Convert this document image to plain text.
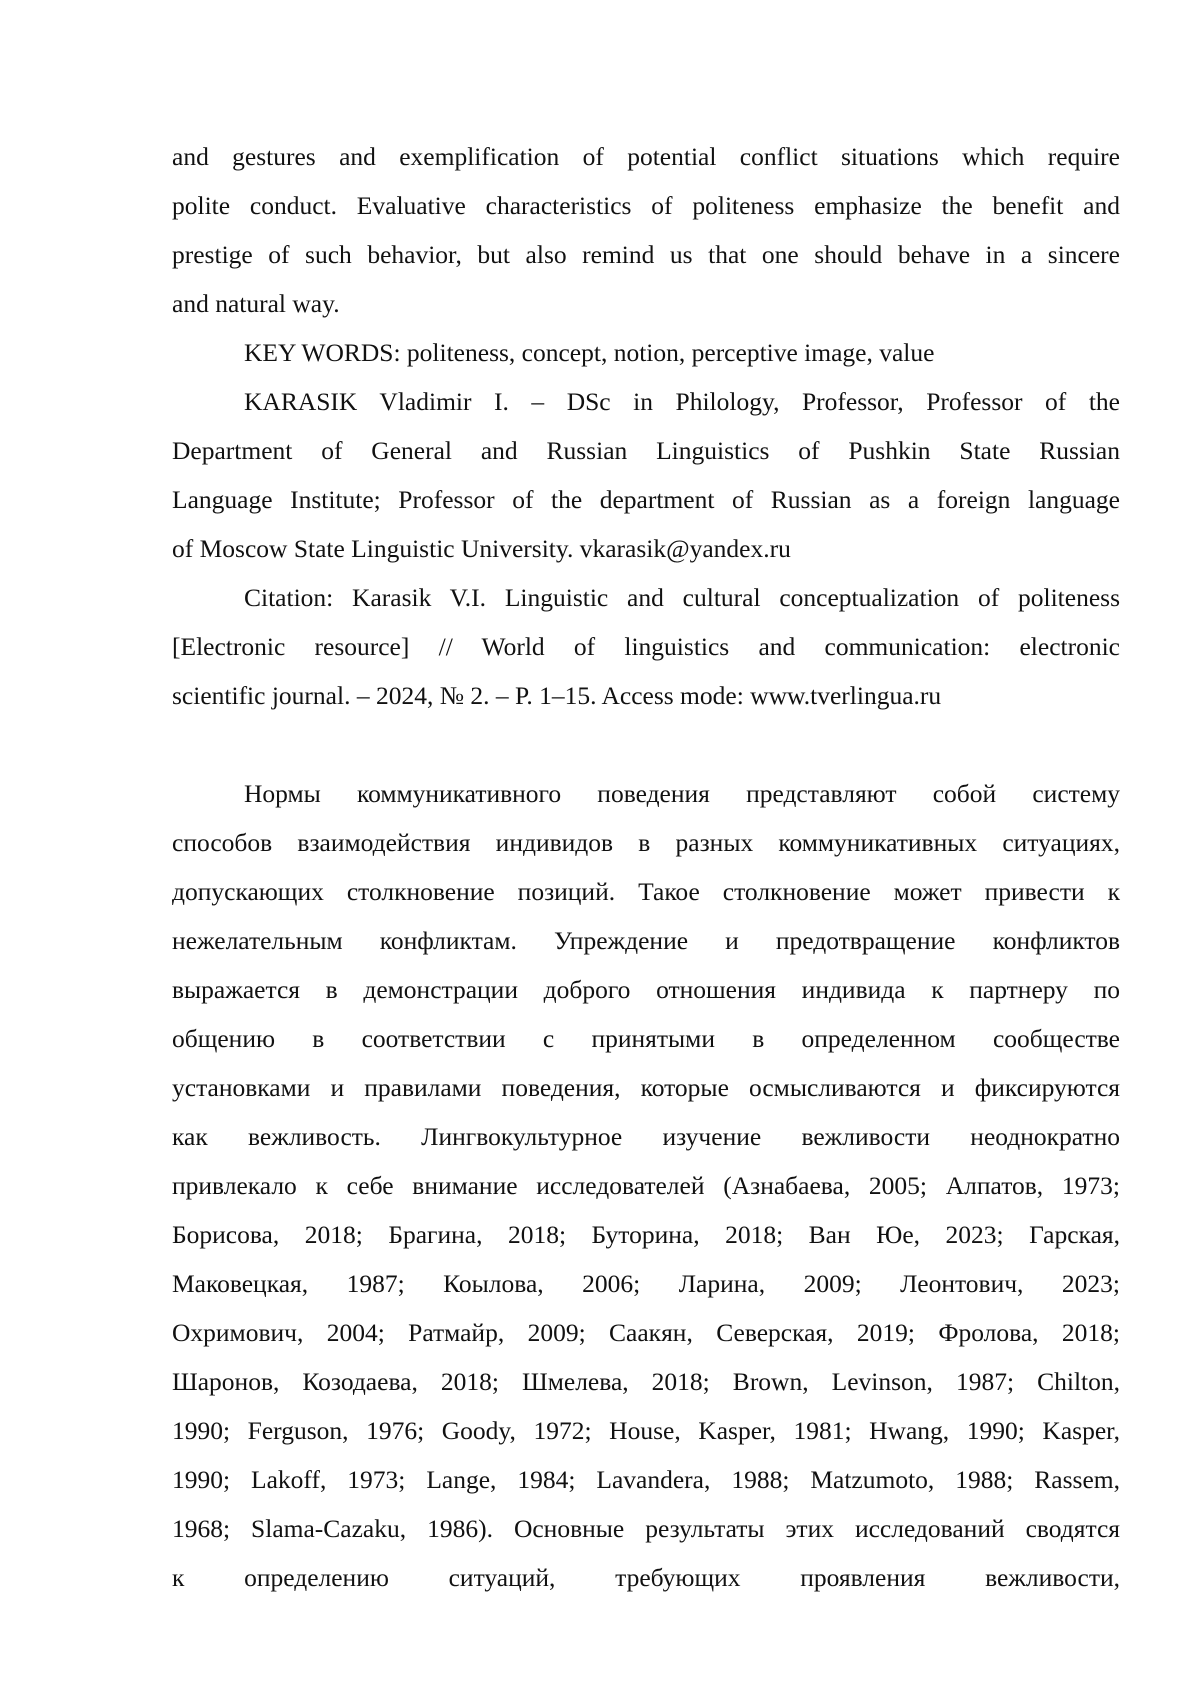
and gestures and exemplification of potential conflict situations which require
polite conduct. Evaluative characteristics of politeness emphasize the benefit and
prestige of such behavior, but also remind us that one should behave in a sincere
and natural way.
KEY WORDS: politeness, concept, notion, perceptive image, value
KARASIK Vladimir I. – DSc in Philology, Professor, Professor of the
Department of General and Russian Linguistics of Pushkin State Russian
Language Institute; Professor of the department of Russian as a foreign language
of Moscow State Linguistic University. vkarasik@yandex.ru
Citation: Karasik V.I. Linguistic and cultural conceptualization of politeness
[Electronic resource] // World of linguistics and communication: electronic
scientific journal. – 2024, № 2. – P. 1–15. Access mode: www.tverlingua.ru
Нормы коммуникативного поведения представляют собой систему
способов взаимодействия индивидов в разных коммуникативных ситуациях,
допускающих столкновение позиций. Такое столкновение может привести к
нежелательным конфликтам. Упреждение и предотвращение конфликтов
выражается в демонстрации доброго отношения индивида к партнеру по
общению в соответствии с принятыми в определенном сообществе
установками и правилами поведения, которые осмысливаются и фиксируются
как вежливость. Лингвокультурное изучение вежливости неоднократно
привлекало к себе внимание исследователей (Азнабаева, 2005; Алпатов, 1973;
Борисова, 2018; Брагина, 2018; Буторина, 2018; Ван Юе, 2023; Гарская,
Маковецкая, 1987; Коылова, 2006; Ларина, 2009; Леонтович, 2023;
Охримович, 2004; Ратмайр, 2009; Саакян, Северская, 2019; Фролова, 2018;
Шаронов, Козодаева, 2018; Шмелева, 2018; Brown, Levinson, 1987; Chilton,
1990; Ferguson, 1976; Goody, 1972; House, Kasper, 1981; Hwang, 1990; Kasper,
1990; Lakoff, 1973; Lange, 1984; Lavandera, 1988; Matzumoto, 1988; Rassem,
1968; Slama-Cazaku, 1986). Основные результаты этих исследований сводятся
к определению ситуаций, требующих проявления вежливости,
